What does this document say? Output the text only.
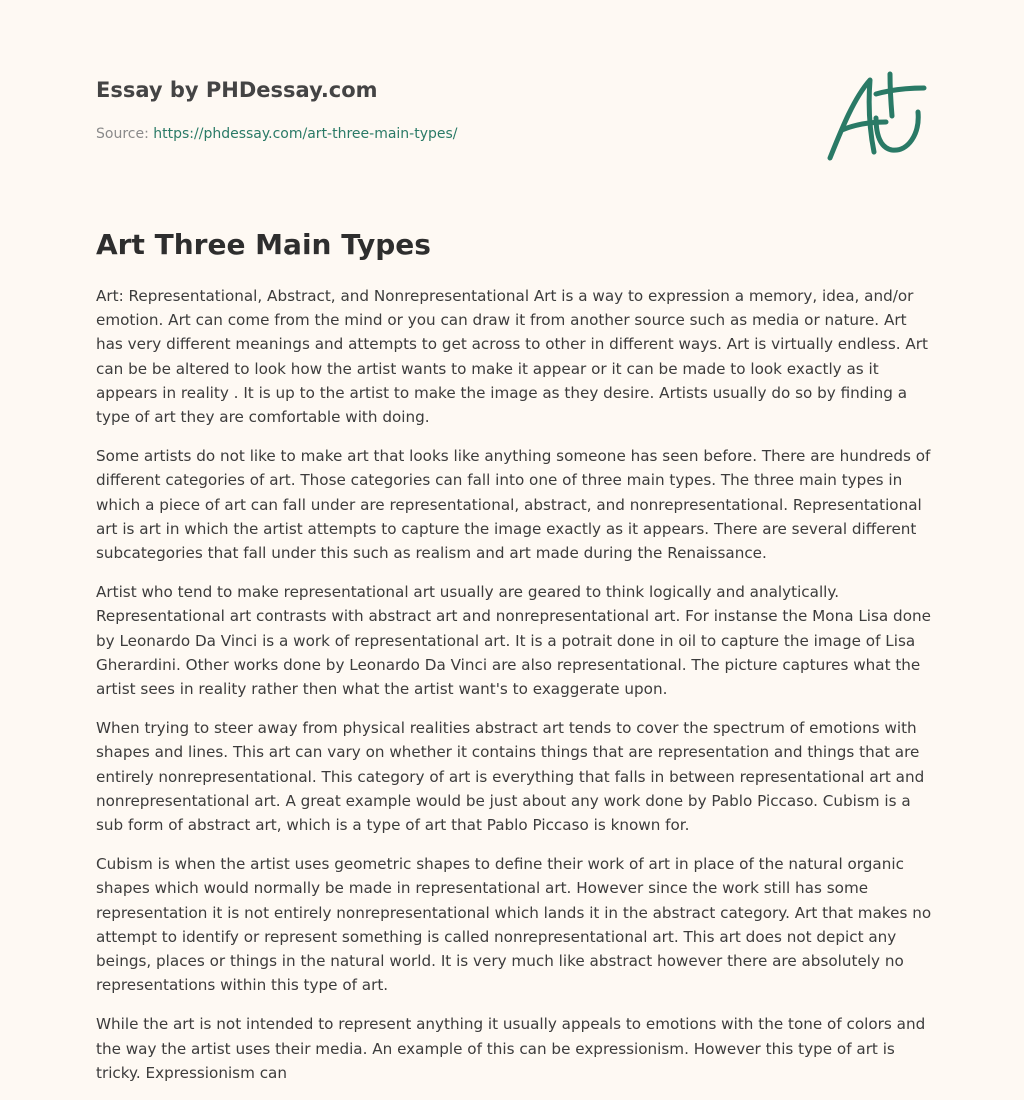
Essay by PHDessay.com
Source: https://phdessay.com/art-three-main-types/
Art Three Main Types

Art: Representational, Abstract, and Nonrepresentational Art is a way to expression a memory, idea, and/or emotion. Art can come from the mind or you can draw it from another source such as media or nature. Art has very different meanings and attempts to get across to other in different ways. Art is virtually endless. Art can be be altered to look how the artist wants to make it appear or it can be made to look exactly as it appears in reality . It is up to the artist to make the image as they desire. Artists usually do so by finding a type of art they are comfortable with doing.

Some artists do not like to make art that looks like anything someone has seen before. There are hundreds of different categories of art. Those categories can fall into one of three main types. The three main types in which a piece of art can fall under are representational, abstract, and nonrepresentational. Representational art is art in which the artist attempts to capture the image exactly as it appears. There are several different subcategories that fall under this such as realism and art made during the Renaissance.

Artist who tend to make representational art usually are geared to think logically and analytically. Representational art contrasts with abstract art and nonrepresentational art. For instanse the Mona Lisa done by Leonardo Da Vinci is a work of representational art. It is a potrait done in oil to capture the image of Lisa Gherardini. Other works done by Leonardo Da Vinci are also representational. The picture captures what the artist sees in reality rather then what the artist want's to exaggerate upon.

When trying to steer away from physical realities abstract art tends to cover the spectrum of emotions with shapes and lines. This art can vary on whether it contains things that are representation and things that are entirely nonrepresentational. This category of art is everything that falls in between representational art and nonrepresentational art. A great example would be just about any work done by Pablo Piccaso. Cubism is a sub form of abstract art, which is a type of art that Pablo Piccaso is known for.

Cubism is when the artist uses geometric shapes to define their work of art in place of the natural organic shapes which would normally be made in representational art. However since the work still has some representation it is not entirely nonrepresentational which lands it in the abstract category. Art that makes no attempt to identify or represent something is called nonrepresentational art. This art does not depict any beings, places or things in the natural world. It is very much like abstract however there are absolutely no representations within this type of art.

While the art is not intended to represent anything it usually appeals to emotions with the tone of colors and the way the artist uses their media. An example of this can be expressionism. However this type of art is tricky. Expressionism can
